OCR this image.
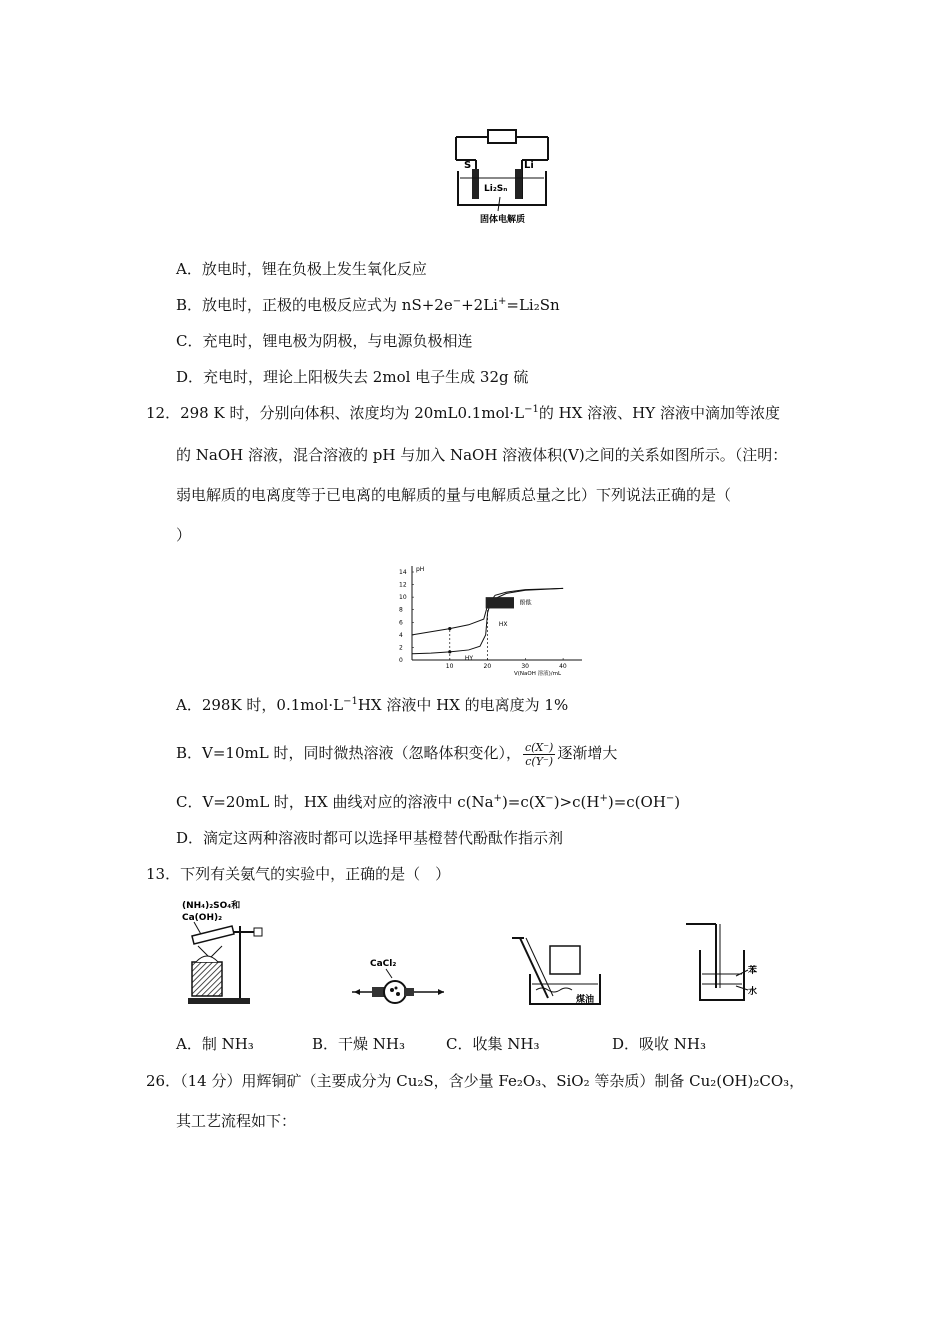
S	Li
Li₂Sₙ
固体电解质
A．放电时，锂在负极上发生氧化反应
B．放电时，正极的电极反应式为 nS+2e−+2Li+=Li₂Sn
C．充电时，锂电极为阴极，与电源负极相连
D．充电时，理论上阳极失去 2mol 电子生成 32g 硫
12．298 K 时，分别向体积、浓度均为 $20mL0.1mol\cdot L^{-1}$的 HX 溶液、HY 溶液中滴加等浓度
的 NaOH 溶液，混合溶液的 pH 与加入 NaOH 溶液体积(V)之间的关系如图所示。（注明：
弱电解质的电离度等于已电离的电解质的量与电解质总量之比）下列说法正确的是（
）
pH
14
12
10
8
6
4
2
0
10	20	30	40
V(NaOH 溶液)/mL
HX
HY
酚酞
A．298K 时，$0.1mol\cdot L^{-1}HX$ 溶液中 HX 的电离度为 1%
B．V=10mL 时，同时微热溶液（忽略体积变化）， $\frac{c(X^-)}{c(Y^-)}$ 逐渐增大
C．V=20mL 时，HX 曲线对应的溶液中 c(Na+)=c(X−)>c(H+)=c(OH−)
D．滴定这两种溶液时都可以选择甲基橙替代酚酞作指示剂
13．下列有关氨气的实验中，正确的是（　）
(NH₄)₂SO₄和
Ca(OH)₂
CaCl₂
煤油
苯
水
A．制 NH₃	B．干燥 NH₃	C．收集 NH₃	D．吸收 NH₃
26．（14 分）用辉铜矿（主要成分为 Cu₂S，含少量 Fe₂O₃、SiO₂ 等杂质）制备 Cu₂(OH)₂CO₃，
其工艺流程如下：
